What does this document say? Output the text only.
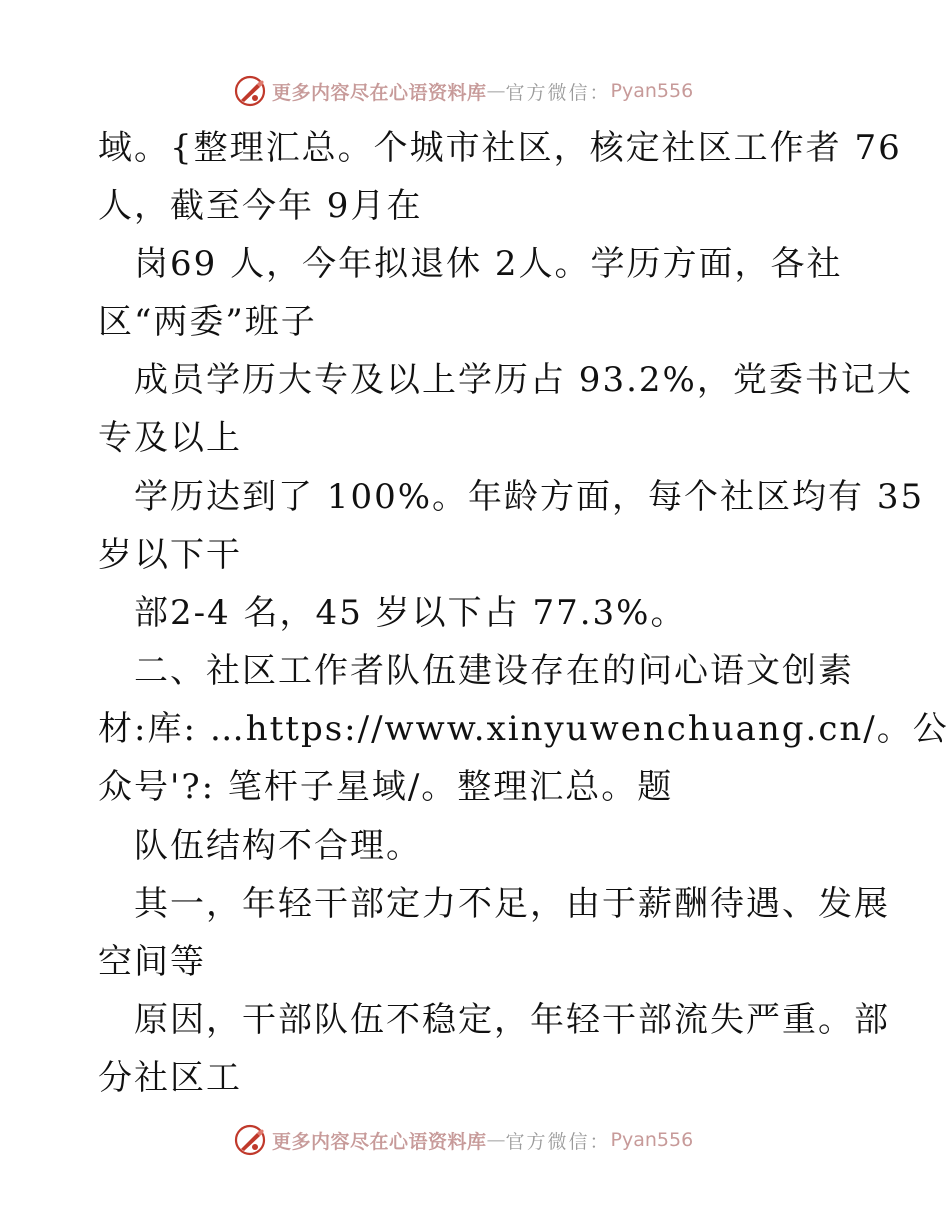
更多内容尽在心语资料库 — 官方微信： Pyan556
域。{整理汇总。个城市社区，核定社区工作者 76
人，截至今年 9月在
岗69 人，今年拟退休 2人。学历方面，各社
区“两委”班子
成员学历大专及以上学历占 93.2%，党委书记大
专及以上
学历达到了 100%。年龄方面，每个社区均有 35
岁以下干
部2-4 名，45 岁以下占 77.3%。
二、社区工作者队伍建设存在的问心语文创素
材:库: …https://www.xinyuwenchuang.cn/。公
众号'?: 笔杆子星域/。整理汇总。题
队伍结构不合理。
其一，年轻干部定力不足，由于薪酬待遇、发展
空间等
原因，干部队伍不稳定，年轻干部流失严重。部
分社区工
更多内容尽在心语资料库 — 官方微信： Pyan556
